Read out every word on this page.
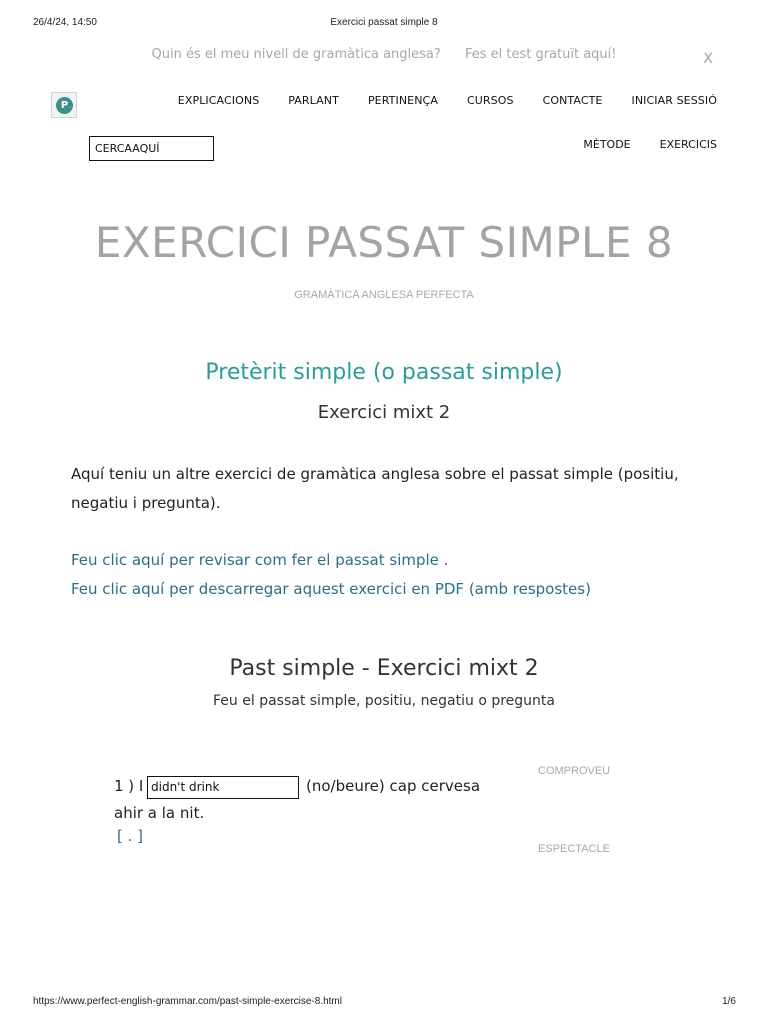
26/4/24, 14:50	Exercici passat simple 8
Quin és el meu nivell de gramàtica anglesa? Fes el test gratuït aquí!	X
P	EXPLICACIONS	PARLANT	PERTINENÇA	CURSOS	CONTACTE	INICIAR SESSIÓ
CERCAAQUÍ	MÈTODE	EXERCICIS
EXERCICI PASSAT SIMPLE 8
GRAMÀTICA ANGLESA PERFECTA
Pretèrit simple (o passat simple)
Exercici mixt 2
Aquí teniu un altre exercici de gramàtica anglesa sobre el passat simple (positiu, negatiu i pregunta).
Feu clic aquí per revisar com fer el passat simple .
Feu clic aquí per descarregar aquest exercici en PDF (amb respostes)
Past simple - Exercici mixt 2
Feu el passat simple, positiu, negatiu o pregunta
COMPROVEU
1 ) I didn't drink	(no/beure) cap cervesa
ahir a la nit.
[ . ]
ESPECTACLE
https://www.perfect-english-grammar.com/past-simple-exercise-8.html	1/6
